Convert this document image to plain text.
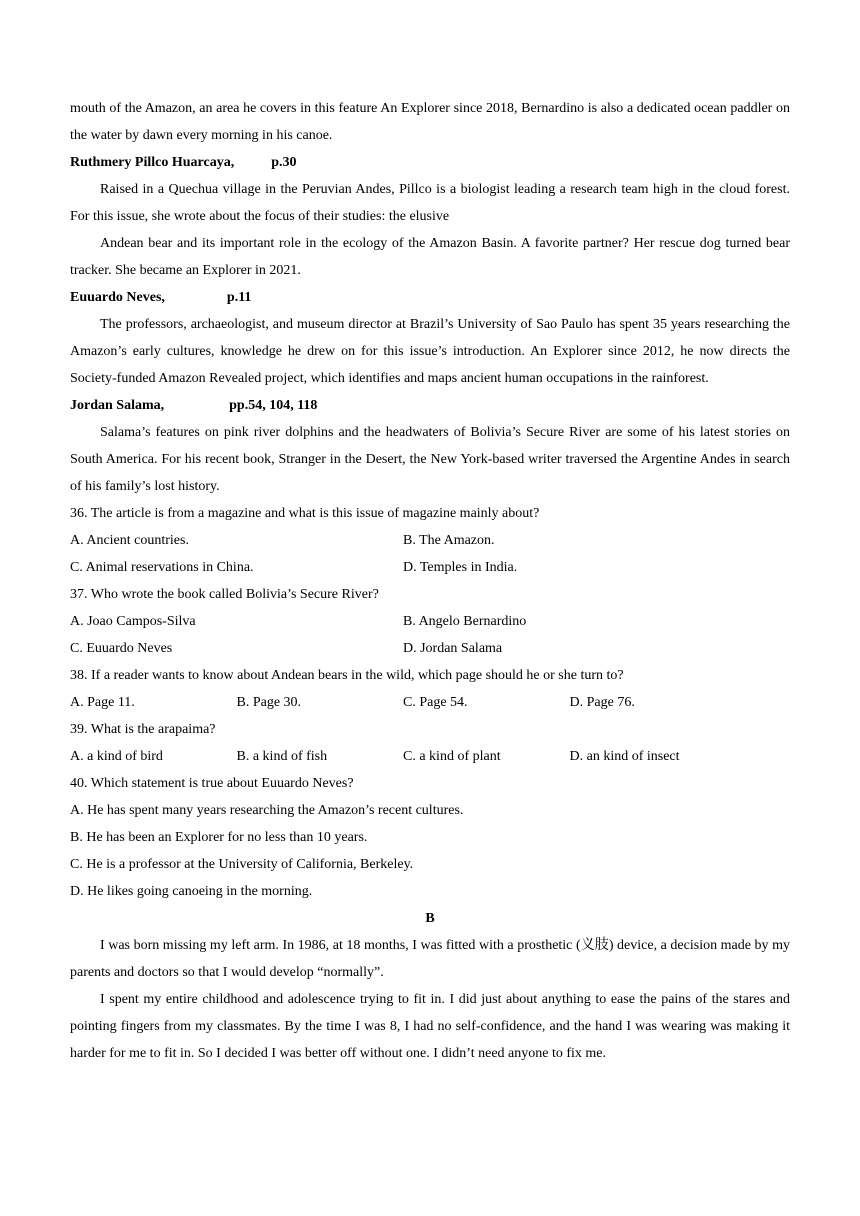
mouth of the Amazon, an area he covers in this feature An Explorer since 2018, Bernardino is also a dedicated ocean paddler on the water by dawn every morning in his canoe.

Ruthmery Pillco Huarcaya,	p.30

Raised in a Quechua village in the Peruvian Andes, Pillco is a biologist leading a research team high in the cloud forest. For this issue, she wrote about the focus of their studies: the elusive

Andean bear and its important role in the ecology of the Amazon Basin. A favorite partner? Her rescue dog turned bear tracker. She became an Explorer in 2021.

Euuardo Neves,	p.11

The professors, archaeologist, and museum director at Brazil’s University of Sao Paulo has spent 35 years researching the Amazon’s early cultures, knowledge he drew on for this issue’s introduction. An Explorer since 2012, he now directs the Society-funded Amazon Revealed project, which identifies and maps ancient human occupations in the rainforest.

Jordan Salama,	pp.54, 104, 118

Salama’s features on pink river dolphins and the headwaters of Bolivia’s Secure River are some of his latest stories on South America. For his recent book, Stranger in the Desert, the New York-based writer traversed the Argentine Andes in search of his family’s lost history.

36. The article is from a magazine and what is this issue of magazine mainly about?

A. Ancient countries.	B. The Amazon.
C. Animal reservations in China.	D. Temples in India.

37. Who wrote the book called Bolivia’s Secure River?

A. Joao Campos-Silva	B. Angelo Bernardino
C. Euuardo Neves	D. Jordan Salama

38. If a reader wants to know about Andean bears in the wild, which page should he or she turn to?

A. Page 11.	B. Page 30.	C. Page 54.	D. Page 76.

39. What is the arapaima?

A. a kind of bird	B. a kind of fish	C. a kind of plant	D. an kind of insect

40. Which statement is true about Euuardo Neves?

A. He has spent many years researching the Amazon’s recent cultures.

B. He has been an Explorer for no less than 10 years.

C. He is a professor at the University of California, Berkeley.

D. He likes going canoeing in the morning.

B

I was born missing my left arm. In 1986, at 18 months, I was fitted with a prosthetic (义肢) device, a decision made by my parents and doctors so that I would develop “normally”.

I spent my entire childhood and adolescence trying to fit in. I did just about anything to ease the pains of the stares and pointing fingers from my classmates. By the time I was 8, I had no self-confidence, and the hand I was wearing was making it harder for me to fit in. So I decided I was better off without one. I didn’t need anyone to fix me.
